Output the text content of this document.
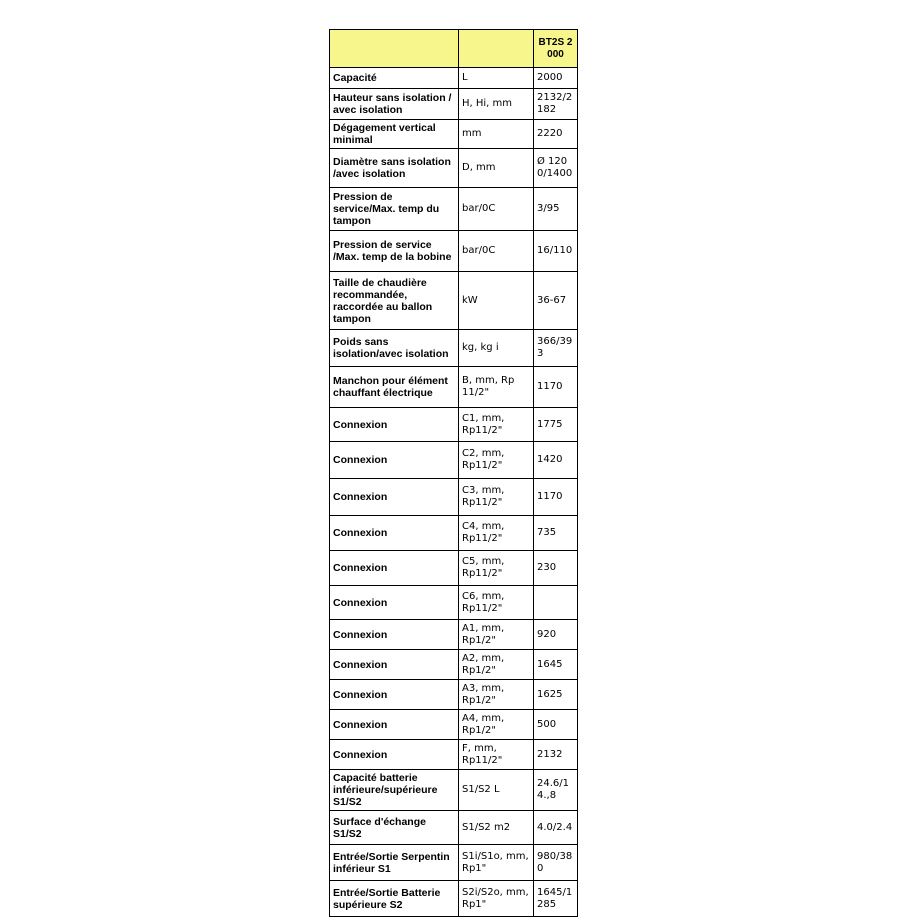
		BT2S 2000
Capacité	L	2000
Hauteur sans isolation / avec isolation	H, Hi, mm	2132/2182
Dégagement vertical minimal	mm	2220
Diamètre sans isolation /avec isolation	D, mm	Ø 1200/1400
Pression de service/Max. temp du tampon	bar/0C	3/95
Pression de service /Max. temp de la bobine	bar/0C	16/110
Taille de chaudière recommandée, raccordée au ballon tampon	kW	36-67
Poids sans isolation/avec isolation	kg, kg i	366/393
Manchon pour élément chauffant électrique	B, mm, Rp 11/2"	1170
Connexion	C1, mm, Rp11/2"	1775
Connexion	C2, mm, Rp11/2"	1420
Connexion	C3, mm, Rp11/2"	1170
Connexion	C4, mm, Rp11/2"	735
Connexion	C5, mm, Rp11/2"	230
Connexion	C6, mm, Rp11/2"	
Connexion	A1, mm, Rp1/2"	920
Connexion	A2, mm, Rp1/2"	1645
Connexion	A3, mm, Rp1/2"	1625
Connexion	A4, mm, Rp1/2"	500
Connexion	F, mm, Rp11/2"	2132
Capacité batterie inférieure/supérieure S1/S2	S1/S2 L	24.6/14.,8
Surface d'échange S1/S2	S1/S2 m2	4.0/2.4
Entrée/Sortie Serpentin inférieur S1	S1i/S1o, mm, Rp1"	980/380
Entrée/Sortie Batterie supérieure S2	S2i/S2o, mm, Rp1"	1645/1285
